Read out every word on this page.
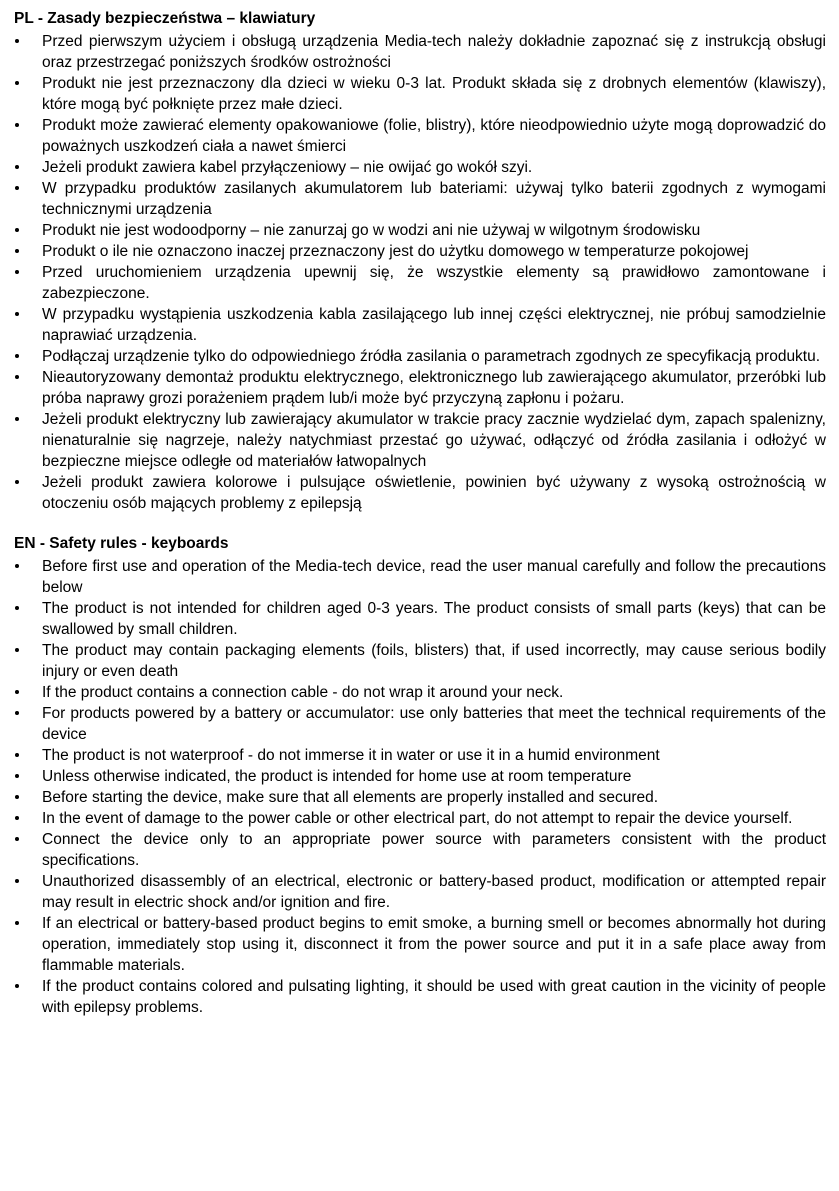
PL - Zasady bezpieczeństwa – klawiatury
Przed pierwszym użyciem i obsługą urządzenia Media-tech należy dokładnie zapoznać się z instrukcją obsługi oraz przestrzegać poniższych środków ostrożności
Produkt nie jest przeznaczony dla dzieci w wieku 0-3 lat. Produkt składa się z drobnych elementów (klawiszy), które mogą być połknięte przez małe dzieci.
Produkt może zawierać elementy opakowaniowe (folie, blistry), które nieodpowiednio użyte mogą doprowadzić do poważnych uszkodzeń ciała a nawet śmierci
Jeżeli produkt zawiera kabel przyłączeniowy – nie owijać go wokół szyi.
W przypadku produktów zasilanych akumulatorem lub bateriami: używaj tylko baterii zgodnych z wymogami technicznymi urządzenia
Produkt nie jest wodoodporny – nie zanurzaj go w wodzi ani nie używaj w wilgotnym środowisku
Produkt o ile nie oznaczono inaczej przeznaczony jest do użytku domowego w temperaturze pokojowej
Przed uruchomieniem urządzenia upewnij się, że wszystkie elementy są prawidłowo zamontowane i zabezpieczone.
W przypadku wystąpienia uszkodzenia kabla zasilającego lub innej części elektrycznej, nie próbuj samodzielnie naprawiać urządzenia.
Podłączaj urządzenie tylko do odpowiedniego źródła zasilania o parametrach zgodnych ze specyfikacją produktu.
Nieautoryzowany demontaż produktu elektrycznego, elektronicznego lub zawierającego akumulator, przeróbki lub próba naprawy grozi porażeniem prądem lub/i może być przyczyną zapłonu i pożaru.
Jeżeli produkt elektryczny lub zawierający akumulator w trakcie pracy zacznie wydzielać dym, zapach spalenizny, nienaturalnie się nagrzeje, należy natychmiast przestać go używać, odłączyć od źródła zasilania i odłożyć w bezpieczne miejsce odległe od materiałów łatwopalnych
Jeżeli produkt zawiera kolorowe i pulsujące oświetlenie, powinien być używany z wysoką ostrożnością w otoczeniu osób mających problemy z epilepsją
EN - Safety rules - keyboards
Before first use and operation of the Media-tech device, read the user manual carefully and follow the precautions below
The product is not intended for children aged 0-3 years. The product consists of small parts (keys) that can be swallowed by small children.
The product may contain packaging elements (foils, blisters) that, if used incorrectly, may cause serious bodily injury or even death
If the product contains a connection cable - do not wrap it around your neck.
For products powered by a battery or accumulator: use only batteries that meet the technical requirements of the device
The product is not waterproof - do not immerse it in water or use it in a humid environment
Unless otherwise indicated, the product is intended for home use at room temperature
Before starting the device, make sure that all elements are properly installed and secured.
In the event of damage to the power cable or other electrical part, do not attempt to repair the device yourself.
Connect the device only to an appropriate power source with parameters consistent with the product specifications.
Unauthorized disassembly of an electrical, electronic or battery-based product, modification or attempted repair may result in electric shock and/or ignition and fire.
If an electrical or battery-based product begins to emit smoke, a burning smell or becomes abnormally hot during operation, immediately stop using it, disconnect it from the power source and put it in a safe place away from flammable materials.
If the product contains colored and pulsating lighting, it should be used with great caution in the vicinity of people with epilepsy problems.
